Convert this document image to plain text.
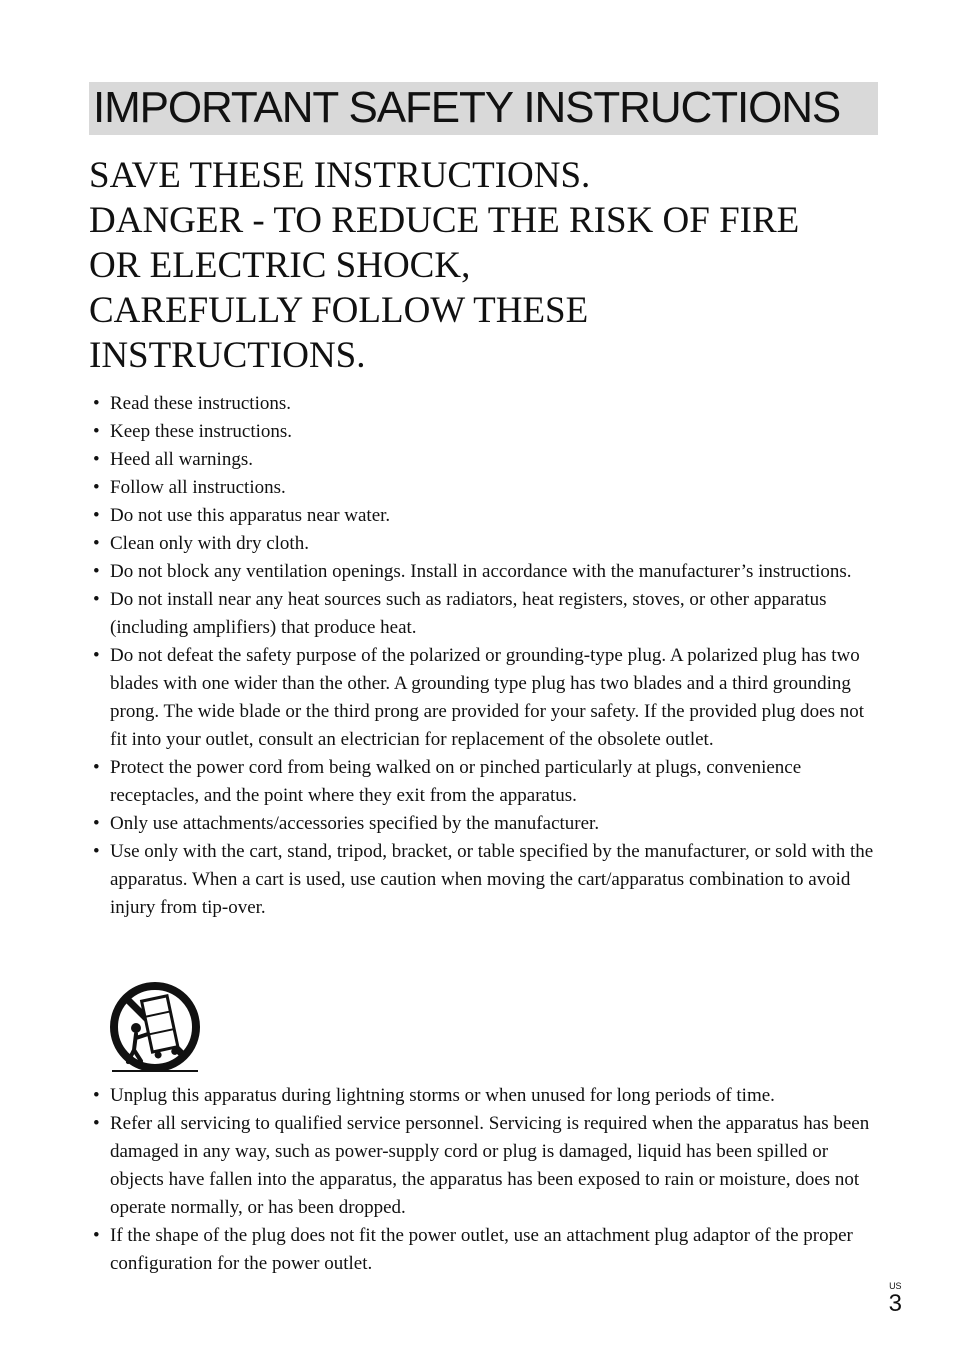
IMPORTANT SAFETY INSTRUCTIONS
SAVE THESE INSTRUCTIONS.
DANGER - TO REDUCE THE RISK OF FIRE
OR ELECTRIC SHOCK,
CAREFULLY FOLLOW THESE
INSTRUCTIONS.
• Read these instructions.
• Keep these instructions.
• Heed all warnings.
• Follow all instructions.
• Do not use this apparatus near water.
• Clean only with dry cloth.
• Do not block any ventilation openings. Install in accordance with the manufacturer’s instructions.
• Do not install near any heat sources such as radiators, heat registers, stoves, or other apparatus (including amplifiers) that produce heat.
• Do not defeat the safety purpose of the polarized or grounding-type plug. A polarized plug has two blades with one wider than the other. A grounding type plug has two blades and a third grounding prong. The wide blade or the third prong are provided for your safety. If the provided plug does not fit into your outlet, consult an electrician for replacement of the obsolete outlet.
• Protect the power cord from being walked on or pinched particularly at plugs, convenience receptacles, and the point where they exit from the apparatus.
• Only use attachments/accessories specified by the manufacturer.
• Use only with the cart, stand, tripod, bracket, or table specified by the manufacturer, or sold with the apparatus. When a cart is used, use caution when moving the cart/apparatus combination to avoid injury from tip-over.
• Unplug this apparatus during lightning storms or when unused for long periods of time.
• Refer all servicing to qualified service personnel. Servicing is required when the apparatus has been damaged in any way, such as power-supply cord or plug is damaged, liquid has been spilled or objects have fallen into the apparatus, the apparatus has been exposed to rain or moisture, does not operate normally, or has been dropped.
• If the shape of the plug does not fit the power outlet, use an attachment plug adaptor of the proper configuration for the power outlet.
US
3
